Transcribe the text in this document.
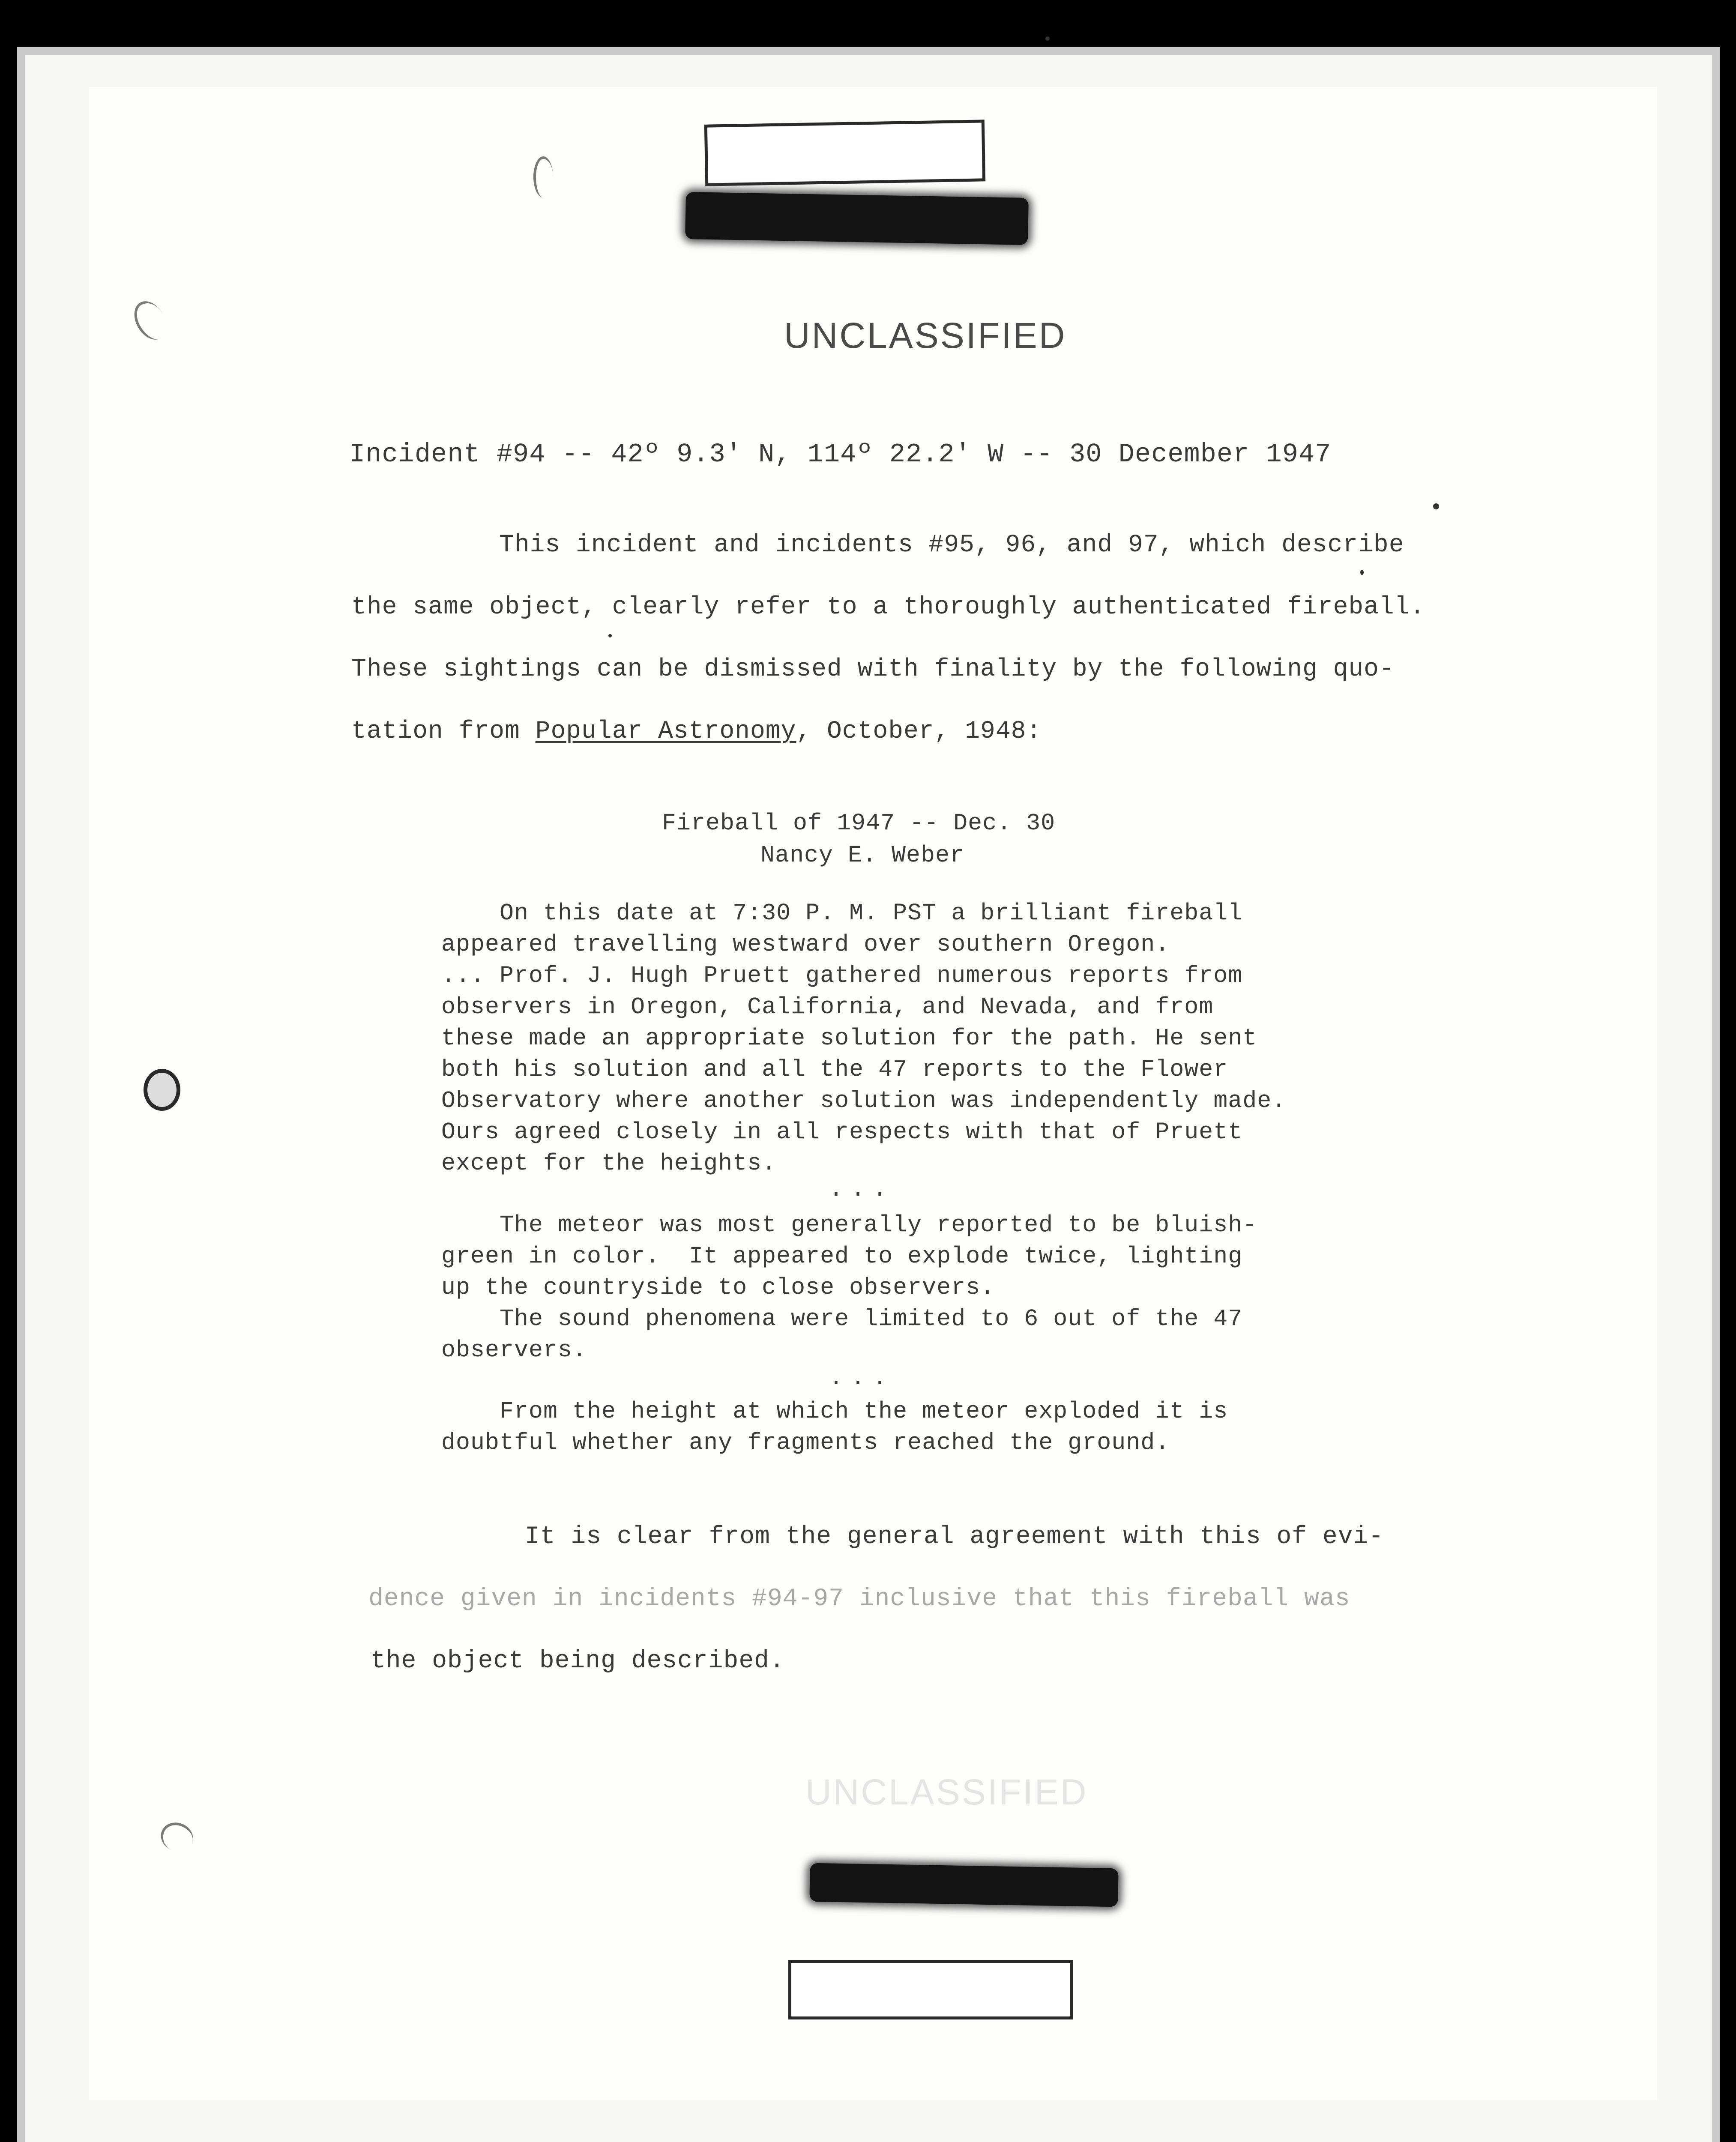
UNCLASSIFIED
Incident #94 -- 42º 9.3' N, 114º 22.2' W -- 30 December 1947
This incident and incidents #95, 96, and 97, which describe
the same object, clearly refer to a thoroughly authenticated fireball.
These sightings can be dismissed with finality by the following quo-
tation from Popular Astronomy, October, 1948:
Fireball of 1947 -- Dec. 30
Nancy E. Weber
On this date at 7:30 P. M. PST a brilliant fireball
appeared travelling westward over southern Oregon.
... Prof. J. Hugh Pruett gathered numerous reports from
observers in Oregon, California, and Nevada, and from
these made an appropriate solution for the path. He sent
both his solution and all the 47 reports to the Flower
Observatory where another solution was independently made.
Ours agreed closely in all respects with that of Pruett
except for the heights.
...
The meteor was most generally reported to be bluish-
green in color.  It appeared to explode twice, lighting
up the countryside to close observers.
The sound phenomena were limited to 6 out of the 47
observers.
...
From the height at which the meteor exploded it is
doubtful whether any fragments reached the ground.
It is clear from the general agreement with this of evi-
dence given in incidents #94-97 inclusive that this fireball was
the object being described.
UNCLASSIFIED
